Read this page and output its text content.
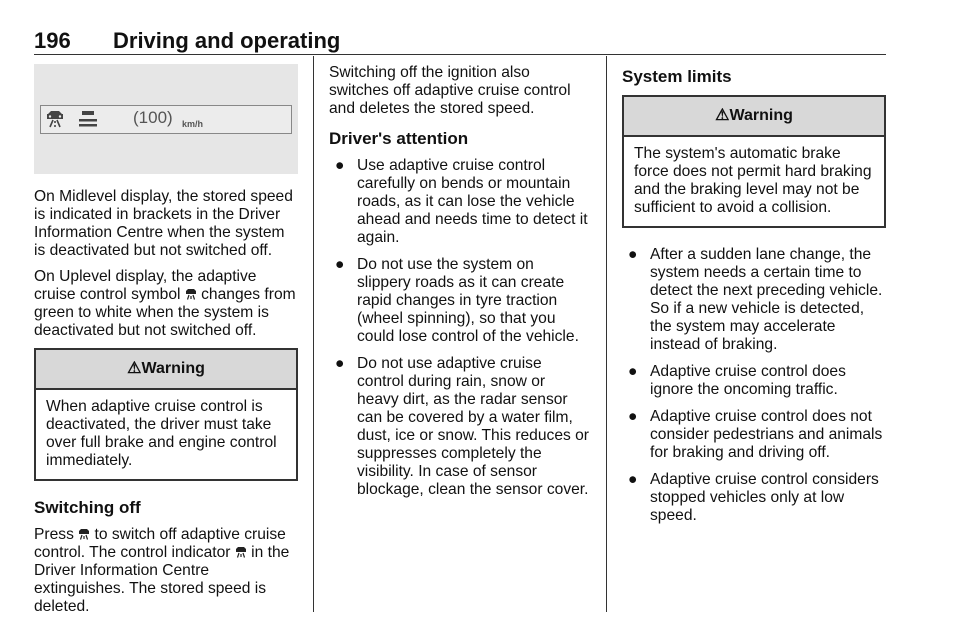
196 Driving and operating
(100) km/h

On Midlevel display, the stored speed is indicated in brackets in the Driver Information Centre when the system is deactivated but not switched off.

On Uplevel display, the adaptive cruise control symbol  changes from green to white when the system is deactivated but not switched off.

⚠Warning
When adaptive cruise control is deactivated, the driver must take over full brake and engine control immediately.
Switching off

Press  to switch off adaptive cruise control. The control indicator  in the Driver Information Centre extinguishes. The stored speed is deleted.

Switching off the ignition also switches off adaptive cruise control and deletes the stored speed.

Driver's attention
● Use adaptive cruise control carefully on bends or mountain roads, as it can lose the vehicle ahead and needs time to detect it again.
● Do not use the system on slippery roads as it can create rapid changes in tyre traction (wheel spinning), so that you could lose control of the vehicle.
● Do not use adaptive cruise control during rain, snow or heavy dirt, as the radar sensor can be covered by a water film, dust, ice or snow. This reduces or suppresses completely the visibility. In case of sensor blockage, clean the sensor cover.
System limits
⚠Warning
The system's automatic brake force does not permit hard braking and the braking level may not be sufficient to avoid a collision.
● After a sudden lane change, the system needs a certain time to detect the next preceding vehicle. So if a new vehicle is detected, the system may accelerate instead of braking.
● Adaptive cruise control does ignore the oncoming traffic.
● Adaptive cruise control does not consider pedestrians and animals for braking and driving off.
● Adaptive cruise control considers stopped vehicles only at low speed.
